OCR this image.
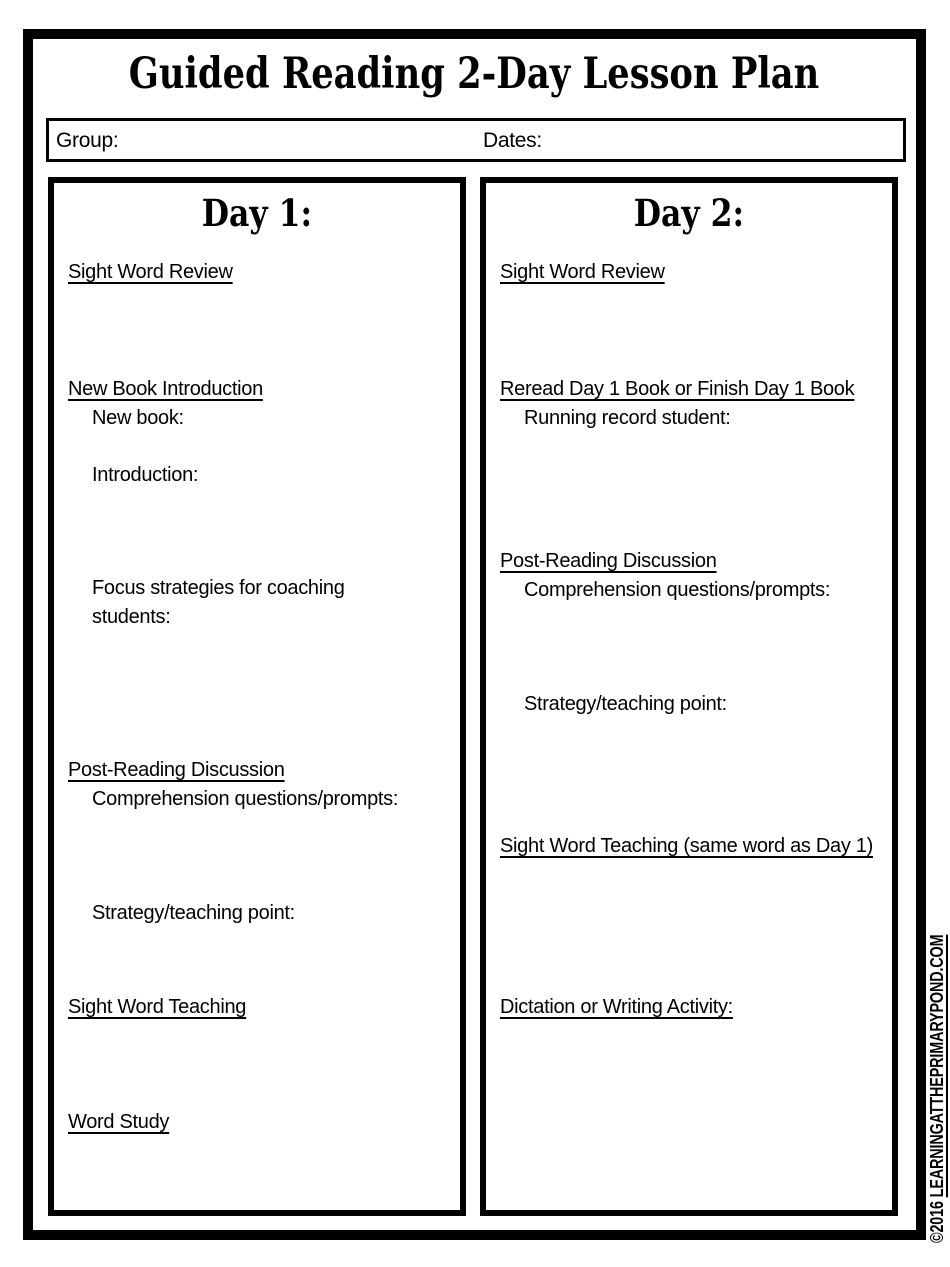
Guided Reading 2-Day Lesson Plan
Group:	Dates:
Day 1:
Sight Word Review
New Book Introduction
New book:
Introduction:
Focus strategies for coaching students:
Post-Reading Discussion
Comprehension questions/prompts:
Strategy/teaching point:
Sight Word Teaching
Word Study
Day 2:
Sight Word Review
Reread Day 1 Book or Finish Day 1 Book
Running record student:
Post-Reading Discussion
Comprehension questions/prompts:
Strategy/teaching point:
Sight Word Teaching (same word as Day 1)
Dictation or Writing Activity:
©2016 LEARNINGATTHEPRIMARYPOND.COM
